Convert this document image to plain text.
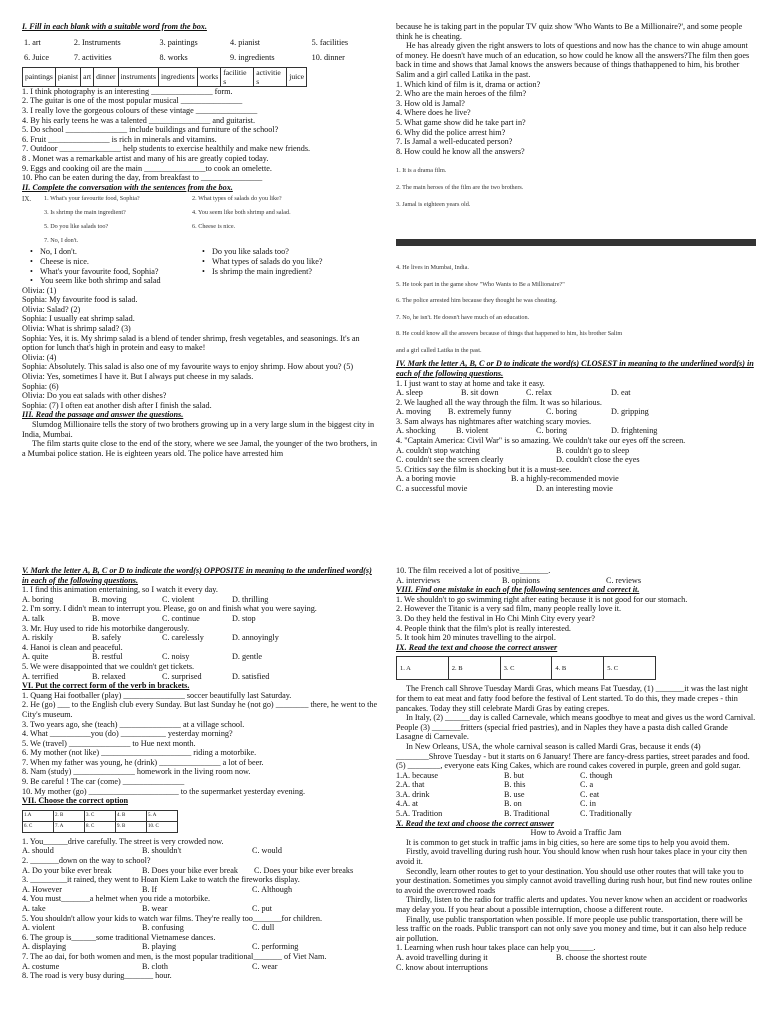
I. Fill in each blank with a suitable word from the box.
1. art	2. Instruments	3. paintings	4. pianist	5. facilities
6. Juice	7. activities	8. works	9. ingredients	10. dinner
paintings	pianist	art	dinner	instruments	ingredients	works	facilitie s	activitie s	juice
1. I think photography is an interesting _______________ form.
2. The guitar is one of the most popular musical _______________
3. I really love the gorgeous colours of these vintage _______________
4. By his early teens he was a talented _______________ and guitarist.
5. Do school _______________ include buildings and furniture of the school?
6. Fruit _______________ is rich in minerals and vitamins.
7. Outdoor _______________ help students to exercise healthily and make new friends.
8 . Monet was a remarkable artist and many of his are greatly copied today.
9. Eggs and cooking oil are the main _______________to cook an omelette.
10. Pho can be eaten during the day, from breakfast to _______________
II. Complete the conversation with the sentences from the box.
IX.	1. What's your favourite food, Sophia?	2. What types of salads do you like?
3. Is shrimp the main ingredient?	4. You seem like both shrimp and salad.
5. Do you like salads too?	6. Cheese is nice.
7. No, I don't.
• No, I don't.
• Cheese is nice.
• What's your favourite food, Sophia?
• You seem like both shrimp and salad
• Do you like salads too?
• What types of salads do you like?
• Is shrimp the main ingredient?
Olivia: (1)
Sophia: My favourite food is salad.
Olivia: Salad? (2)
Sophia: I usually eat shrimp salad.
Olivia: What is shrimp salad? (3)
Sophia: Yes, it is. My shrimp salad is a blend of tender shrimp, fresh vegetables, and seasonings. It's an option for lunch that's high in protein and easy to make!
Olivia: (4)
Sophia: Absolutely. This salad is also one of my favourite ways to enjoy shrimp. How about you? (5)
Olivia: Yes, sometimes I have it. But I always put cheese in my salads.
Sophia: (6)
Olivia: Do you eat salads with other dishes?
Sophia: (7) I often eat another dish after I finish the salad.
III. Read the passage and answer the questions.
Slumdog Millionaire tells the story of two brothers growing up in a very large slum in the biggest city in India, Mumbai.
The film starts quite close to the end of the story, where we see Jamal, the younger of the two brothers, in a Mumbai police station. He is eighteen years old. The police have arrested him
because he is taking part in the popular TV quiz show 'Who Wants to Be a Millionaire?', and some people think he is cheating.
He has already given the right answers to lots of questions and now has the chance to win ahuge amount of money. He doesn't have much of an education, so how could he know all the answers?The film then goes back in time and shows that Jamal knows the answers because of things thathappened to him, his brother Salim and a girl called Latika in the past.
1. Which kind of film is it, drama or action?
2. Who are the main heroes of the film?
3. How old is Jamal?
4. Where does he live?
5. What game show did he take part in?
6. Why did the police arrest him?
7. Is Jamal a well-educated person?
8. How could he know all the answers?
1. It is a drama film.
2. The main heroes of the film are the two brothers.
3. Jamal is eighteen years old.
4. He lives in Mumbai, India.
5. He took part in the game show "Who Wants to Be a Millionaire?"
6. The police arrested him because they thought he was cheating.
7. No, he isn't. He doesn't have much of an education.
8. He could know all the answers because of things that happened to him, his brother Salim
and a girl called Latika in the past.
IV. Mark the letter A, B, C or D to indicate the word(s) CLOSEST in meaning to the underlined word(s) in each of the following questions.
1. I just want to stay at home and take it easy.
A. sleep	B. sit down	C. relax	D. eat
2. We laughed all the way through the film. It was so hilarious.
A. moving	B. extremely funny	C. boring	D. gripping
3. Sam always has nightmares after watching scary movies.
A. shocking	B. violent	C. boring	D. frightening
4. "Captain America: Civil War" is so amazing. We couldn't take our eyes off the screen.
A. couldn't stop watching	B. couldn't go to sleep
C. couldn't see the screen clearly	D. couldn't close the eyes
5. Critics say the film is shocking but it is a must-see.
A. a boring movie	B. a highly-recommended movie
C. a successful movie	D. an interesting movie
V. Mark the letter A, B, C or D to indicate the word(s) OPPOSITE in meaning to the underlined word(s) in each of the following questions.
1. I find this animation entertaining, so I watch it every day.
A. boring	B. moving	C. violent	D. thrilling
2. I'm sorry. I didn't mean to interrupt you. Please, go on and finish what you were saying.
A. talk	B. move	C. continue	D. stop
3. Mr. Huy used to ride his motorbike dangerously.
A. riskily	B. safely	C. carelessly	D. annoyingly
4. Hanoi is clean and peaceful.
A. quite	B. restful	C. noisy	D. gentle
5. We were disappointed that we couldn't get tickets.
A. terrified	B. relaxed	C. surprised	D. satisfied
VI. Put the correct form of the verb in brackets.
1. Quang Hai footballer (play) _______________ soccer beautifully last Saturday.
2. He (go) ___ to the English club every Sunday. But last Sunday he (not go) ________ there, he went to the City's museum.
3. Two years ago, she (teach) _______________ at a village school.
4. What __________you (do) ___________ yesterday morning?
5. We (travel) _______________ to Hue next month.
6. My mother (not like) ______________________ riding a motorbike.
7. When my father was young, he (drink) _______________ a lot of beer.
8. Nam (study) _______________ homework in the living room now.
9. Be careful ! The car (come) _______________
10. My mother (go) ______________________ to the supermarket yesterday evening.
VII. Choose the correct option
1.A	2. B	3. C	4. B	5. A
6. C	7. A	8. C	9. B	10. C
1. You______drive carefully. The street is very crowded now.
A. should	B. shouldn't	C. would
2. _______down on the way to school?
A. Do your bike ever break	B. Does your bike ever break	C. Does your bike ever breaks
3. _________it rained, they went to Hoan Kiem Lake to watch the fireworks display.
A. However	B. If	C. Although
4. You must_______a helmet when you ride a motorbike.
A. take	B. wear	C. put
5. You shouldn't allow your kids to watch war films. They're really too_______for children.
A. violent	B. confusing	C. dull
6. The group is______some traditional Vietnamese dances.
A. displaying	B. playing	C. performing
7. The ao dai, for both women and men, is the most popular traditional_______ of Viet Nam.
A. costume	B. cloth	C. wear
8. The road is very busy during_______ hour.
10. The film received a lot of positive_______.
A. interviews	B. opinions	C. reviews
VIII. Find one mistake in each of the following sentences and correct it.
1. We shouldn't to go swimming right after eating because it is not good for our stomach.
2. However the Titanic is a very sad film, many people really love it.
3. Do they held the festival in Ho Chi Minh City every year?
4. People think that the film's plot is really interested.
5. It took him 20 minutes travelling to the airpol.
IX. Read the text and choose the correct answer
1. A	2. B	3. C	4. B	5. C
The French call Shrove Tuesday Mardi Gras, which means Fat Tuesday, (1) _______it was the last night for them to eat meat and fatty food before the festival of Lent started. To do this, they made crepes - thin pancakes. Today they still celebrate Mardi Gras by eating crepes.
In Italy, (2) ______day is called Carnevale, which means goodbye to meat and gives us the word Carnival. People (3) _______fritters (special fried pastries), and in Naples they have a pasta dish called Grande Lasagne di Carnevale.
In New Orleans, USA, the whole carnival season is called Mardi Gras, because it ends (4) ________Shrove Tuesday - but it starts on 6 January! There are fancy-dress parties, street parades and food. (5) ________, everyone eats King Cakes, which are round cakes covered in purple, green and gold sugar.
1.A. because	B. but	C. though
2.A. that	B. this	C. a
3.A. drink	B. use	C. eat
4.A. at	B. on	C. in
5.A. Tradition	B. Traditional	C. Traditionally
X. Read the text and choose the correct answer
How to Avoid a Traffic Jam
It is common to get stuck in traffic jams in big cities, so here are some tips to help you avoid them.
Firstly, avoid travelling during rush hour. You should know when rush hour takes place in your city then avoid it.
Secondly, learn other routes to get to your destination. You should use other routes that will take you to your destination. Sometimes you simply cannot avoid travelling during rush hour, but find new routes online to avoid the overcrowed roads
Thirdly, listen to the radio for traffic alerts and updates. You never know when an accident or roadworks may delay you. If you hear about a possible interruption, choose a different route.
Finally, use public transportation when possible. If more people use public transportation, there will be less traffic on the roads. Public transport can not only save you money and time, but it can also help reduce air pollution.
1. Learning when rush hour takes place can help you______.
A. avoid travelling during it	B. choose the shortest route
C. know about interruptions
